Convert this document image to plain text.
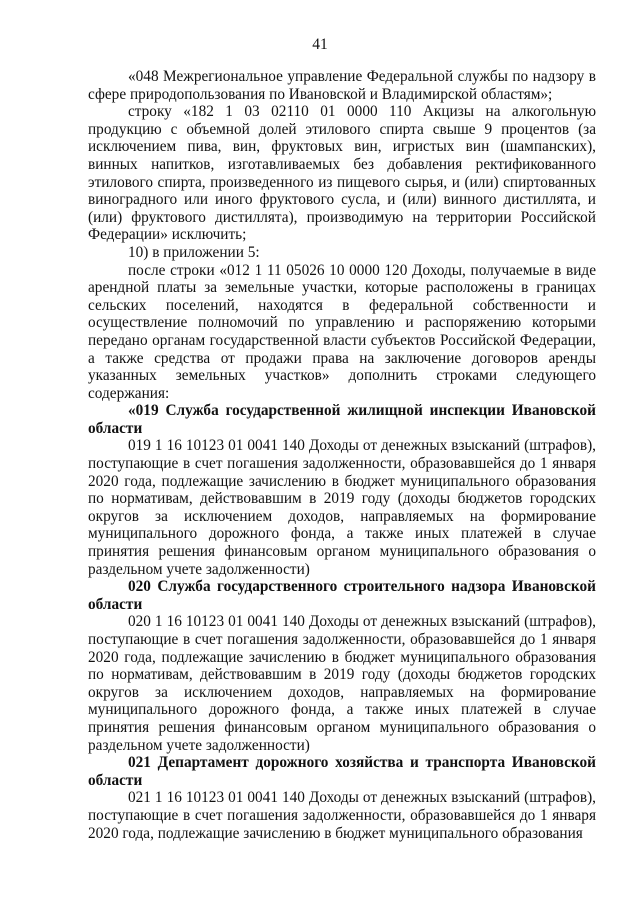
41

«048 Межрегиональное управление Федеральной службы по надзору в сфере природопользования по Ивановской и Владимирской областям»;

строку «182 1 03 02110 01 0000 110 Акцизы на алкогольную продукцию с объемной долей этилового спирта свыше 9 процентов (за исключением пива, вин, фруктовых вин, игристых вин (шампанских), винных напитков, изготавливаемых без добавления ректификованного этилового спирта, произведенного из пищевого сырья, и (или) спиртованных виноградного или иного фруктового сусла, и (или) винного дистиллята, и (или) фруктового дистиллята), производимую на территории Российской Федерации» исключить;

10) в приложении 5:

после строки «012 1 11 05026 10 0000 120 Доходы, получаемые в виде арендной платы за земельные участки, которые расположены в границах сельских поселений, находятся в федеральной собственности и осуществление полномочий по управлению и распоряжению которыми передано органам государственной власти субъектов Российской Федерации, а также средства от продажи права на заключение договоров аренды указанных земельных участков» дополнить строками следующего содержания:

«019 Служба государственной жилищной инспекции Ивановской области

019 1 16 10123 01 0041 140 Доходы от денежных взысканий (штрафов), поступающие в счет погашения задолженности, образовавшейся до 1 января 2020 года, подлежащие зачислению в бюджет муниципального образования по нормативам, действовавшим в 2019 году (доходы бюджетов городских округов за исключением доходов, направляемых на формирование муниципального дорожного фонда, а также иных платежей в случае принятия решения финансовым органом муниципального образования о раздельном учете задолженности)

020 Служба государственного строительного надзора Ивановской области

020 1 16 10123 01 0041 140 Доходы от денежных взысканий (штрафов), поступающие в счет погашения задолженности, образовавшейся до 1 января 2020 года, подлежащие зачислению в бюджет муниципального образования по нормативам, действовавшим в 2019 году (доходы бюджетов городских округов за исключением доходов, направляемых на формирование муниципального дорожного фонда, а также иных платежей в случае принятия решения финансовым органом муниципального образования о раздельном учете задолженности)

021 Департамент дорожного хозяйства и транспорта Ивановской области

021 1 16 10123 01 0041 140 Доходы от денежных взысканий (штрафов), поступающие в счет погашения задолженности, образовавшейся до 1 января 2020 года, подлежащие зачислению в бюджет муниципального образования
